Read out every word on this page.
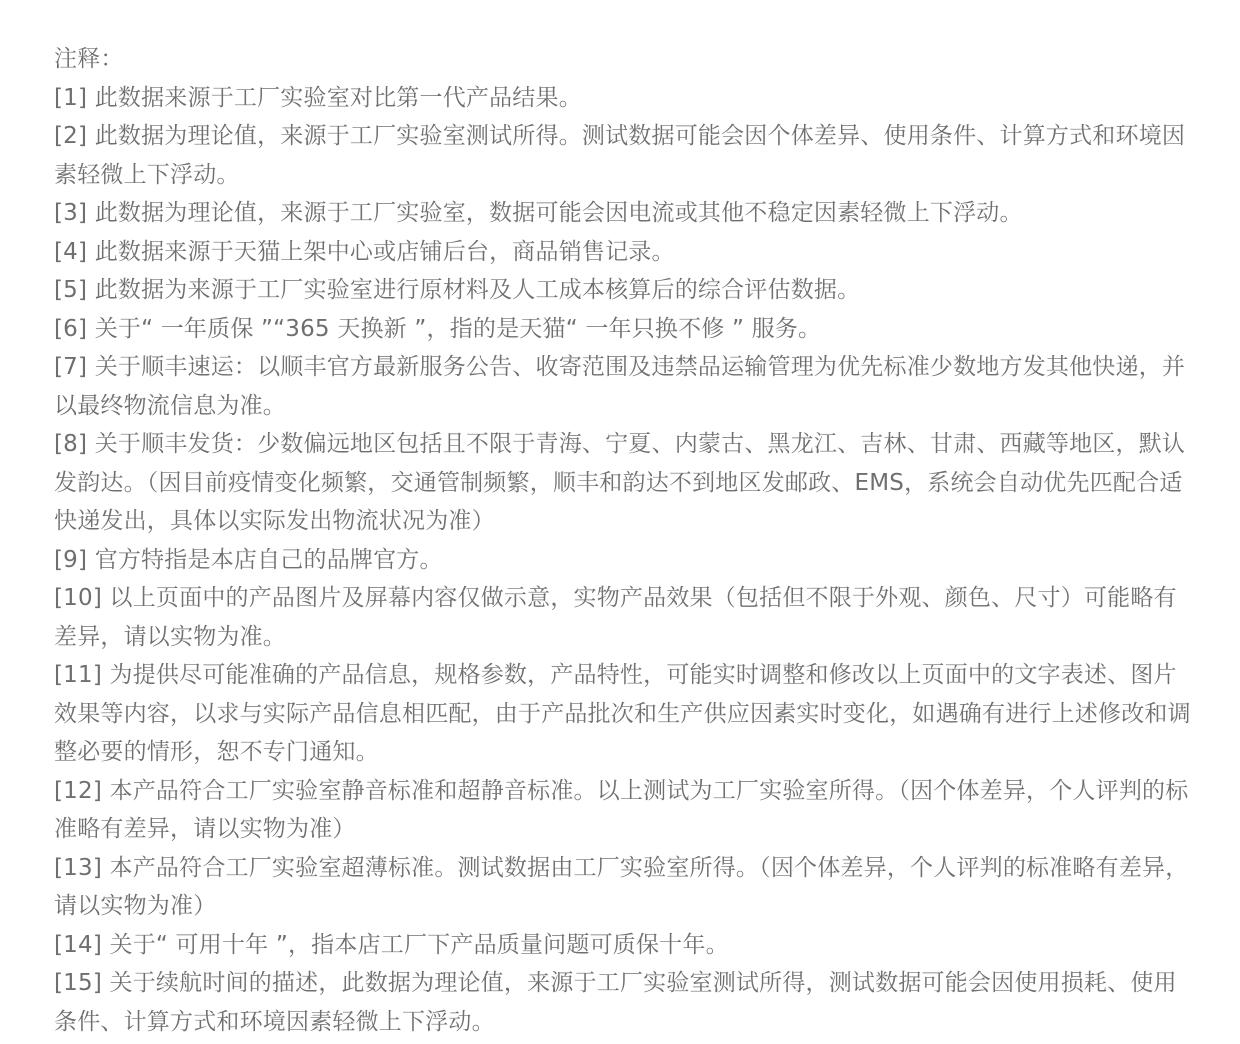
注释：

[1] 此数据来源于工厂实验室对比第一代产品结果。

[2] 此数据为理论值，来源于工厂实验室测试所得。测试数据可能会因个体差异、使用条件、计算方式和环境因素轻微上下浮动。

[3] 此数据为理论值，来源于工厂实验室，数据可能会因电流或其他不稳定因素轻微上下浮动。

[4] 此数据来源于天猫上架中心或店铺后台，商品销售记录。

[5] 此数据为来源于工厂实验室进行原材料及人工成本核算后的综合评估数据。

[6] 关于“ 一年质保 ”“365 天换新 ”，指的是天猫“ 一年只换不修 ” 服务。

[7] 关于顺丰速运：以顺丰官方最新服务公告、收寄范围及违禁品运输管理为优先标准少数地方发其他快递，并以最终物流信息为准。

[8] 关于顺丰发货：少数偏远地区包括且不限于青海、宁夏、内蒙古、黑龙江、吉林、甘肃、西藏等地区，默认发韵达。（因目前疫情变化频繁，交通管制频繁，顺丰和韵达不到地区发邮政、EMS，系统会自动优先匹配合适快递发出，具体以实际发出物流状况为准）

[9] 官方特指是本店自己的品牌官方。

[10] 以上页面中的产品图片及屏幕内容仅做示意，实物产品效果（包括但不限于外观、颜色、尺寸）可能略有差异，请以实物为准。

[11] 为提供尽可能准确的产品信息，规格参数，产品特性，可能实时调整和修改以上页面中的文字表述、图片效果等内容，以求与实际产品信息相匹配，由于产品批次和生产供应因素实时变化，如遇确有进行上述修改和调整必要的情形，恕不专门通知。

[12] 本产品符合工厂实验室静音标准和超静音标准。以上测试为工厂实验室所得。（因个体差异，个人评判的标准略有差异，请以实物为准）

[13] 本产品符合工厂实验室超薄标准。测试数据由工厂实验室所得。（因个体差异，个人评判的标准略有差异，请以实物为准）

[14] 关于“ 可用十年 ”，指本店工厂下产品质量问题可质保十年。

[15] 关于续航时间的描述，此数据为理论值，来源于工厂实验室测试所得，测试数据可能会因使用损耗、使用条件、计算方式和环境因素轻微上下浮动。
